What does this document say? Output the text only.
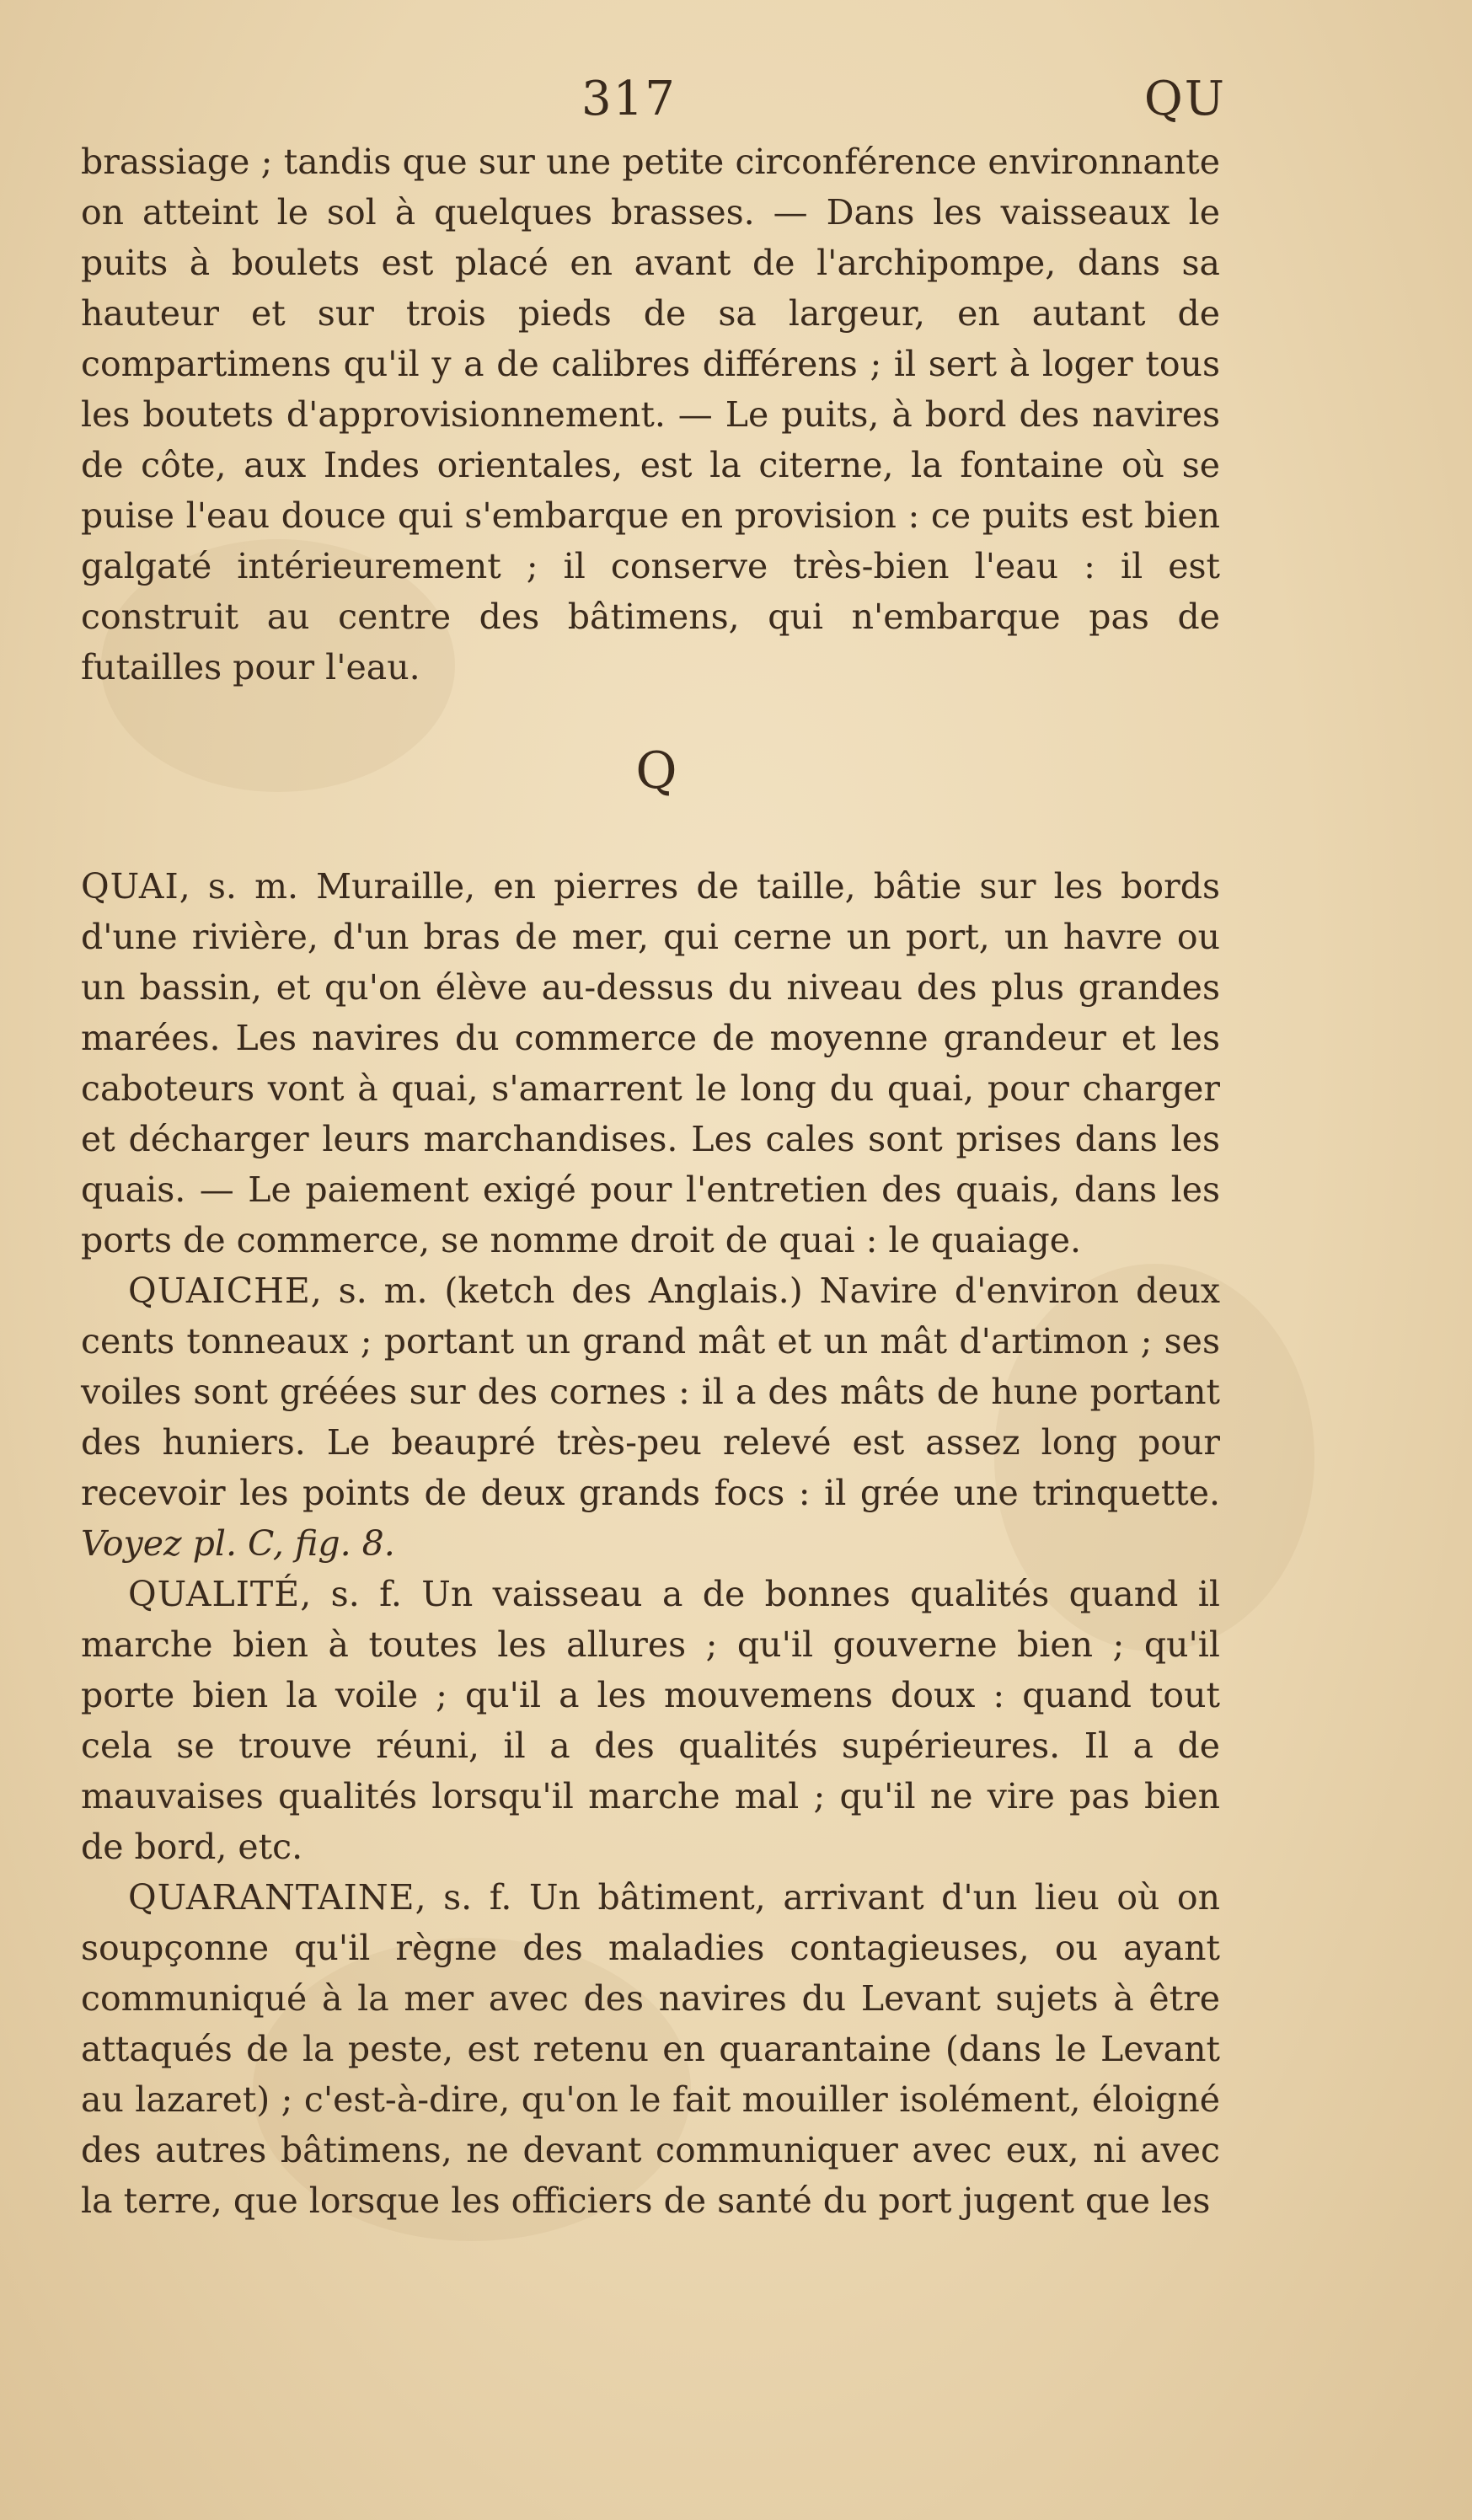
317	QU

brassiage ; tandis que sur une petite circonférence environnante on atteint le sol à quelques brasses. — Dans les vaisseaux le puits à boulets est placé en avant de l'archipompe, dans sa hauteur et sur trois pieds de sa largeur, en autant de compartimens qu'il y a de calibres différens ; il sert à loger tous les boutets d'approvisionnement. — Le puits, à bord des navires de côte, aux Indes orientales, est la citerne, la fontaine où se puise l'eau douce qui s'embarque en provision : ce puits est bien galgaté intérieurement ; il conserve très-bien l'eau : il est construit au centre des bâtimens, qui n'embarque pas de futailles pour l'eau.

Q

QUAI, s. m. Muraille, en pierres de taille, bâtie sur les bords d'une rivière, d'un bras de mer, qui cerne un port, un havre ou un bassin, et qu'on élève au-dessus du niveau des plus grandes marées. Les navires du commerce de moyenne grandeur et les caboteurs vont à quai, s'amarrent le long du quai, pour charger et décharger leurs marchandises. Les cales sont prises dans les quais. — Le paiement exigé pour l'entretien des quais, dans les ports de commerce, se nomme droit de quai : le quaiage.

QUAICHE, s. m. (ketch des Anglais.) Navire d'environ deux cents tonneaux ; portant un grand mât et un mât d'artimon ; ses voiles sont gréées sur des cornes : il a des mâts de hune portant des huniers. Le beaupré très-peu relevé est assez long pour recevoir les points de deux grands focs : il grée une trinquette. Voyez pl. C, fig. 8.

QUALITÉ, s. f. Un vaisseau a de bonnes qualités quand il marche bien à toutes les allures ; qu'il gouverne bien ; qu'il porte bien la voile ; qu'il a les mouvemens doux : quand tout cela se trouve réuni, il a des qualités supérieures. Il a de mauvaises qualités lorsqu'il marche mal ; qu'il ne vire pas bien de bord, etc.

QUARANTAINE, s. f. Un bâtiment, arrivant d'un lieu où on soupçonne qu'il règne des maladies contagieuses, ou ayant communiqué à la mer avec des navires du Levant sujets à être attaqués de la peste, est retenu en quarantaine (dans le Levant au lazaret) ; c'est-à-dire, qu'on le fait mouiller isolément, éloigné des autres bâtimens, ne devant communiquer avec eux, ni avec la terre, que lorsque les officiers de santé du port jugent que les
